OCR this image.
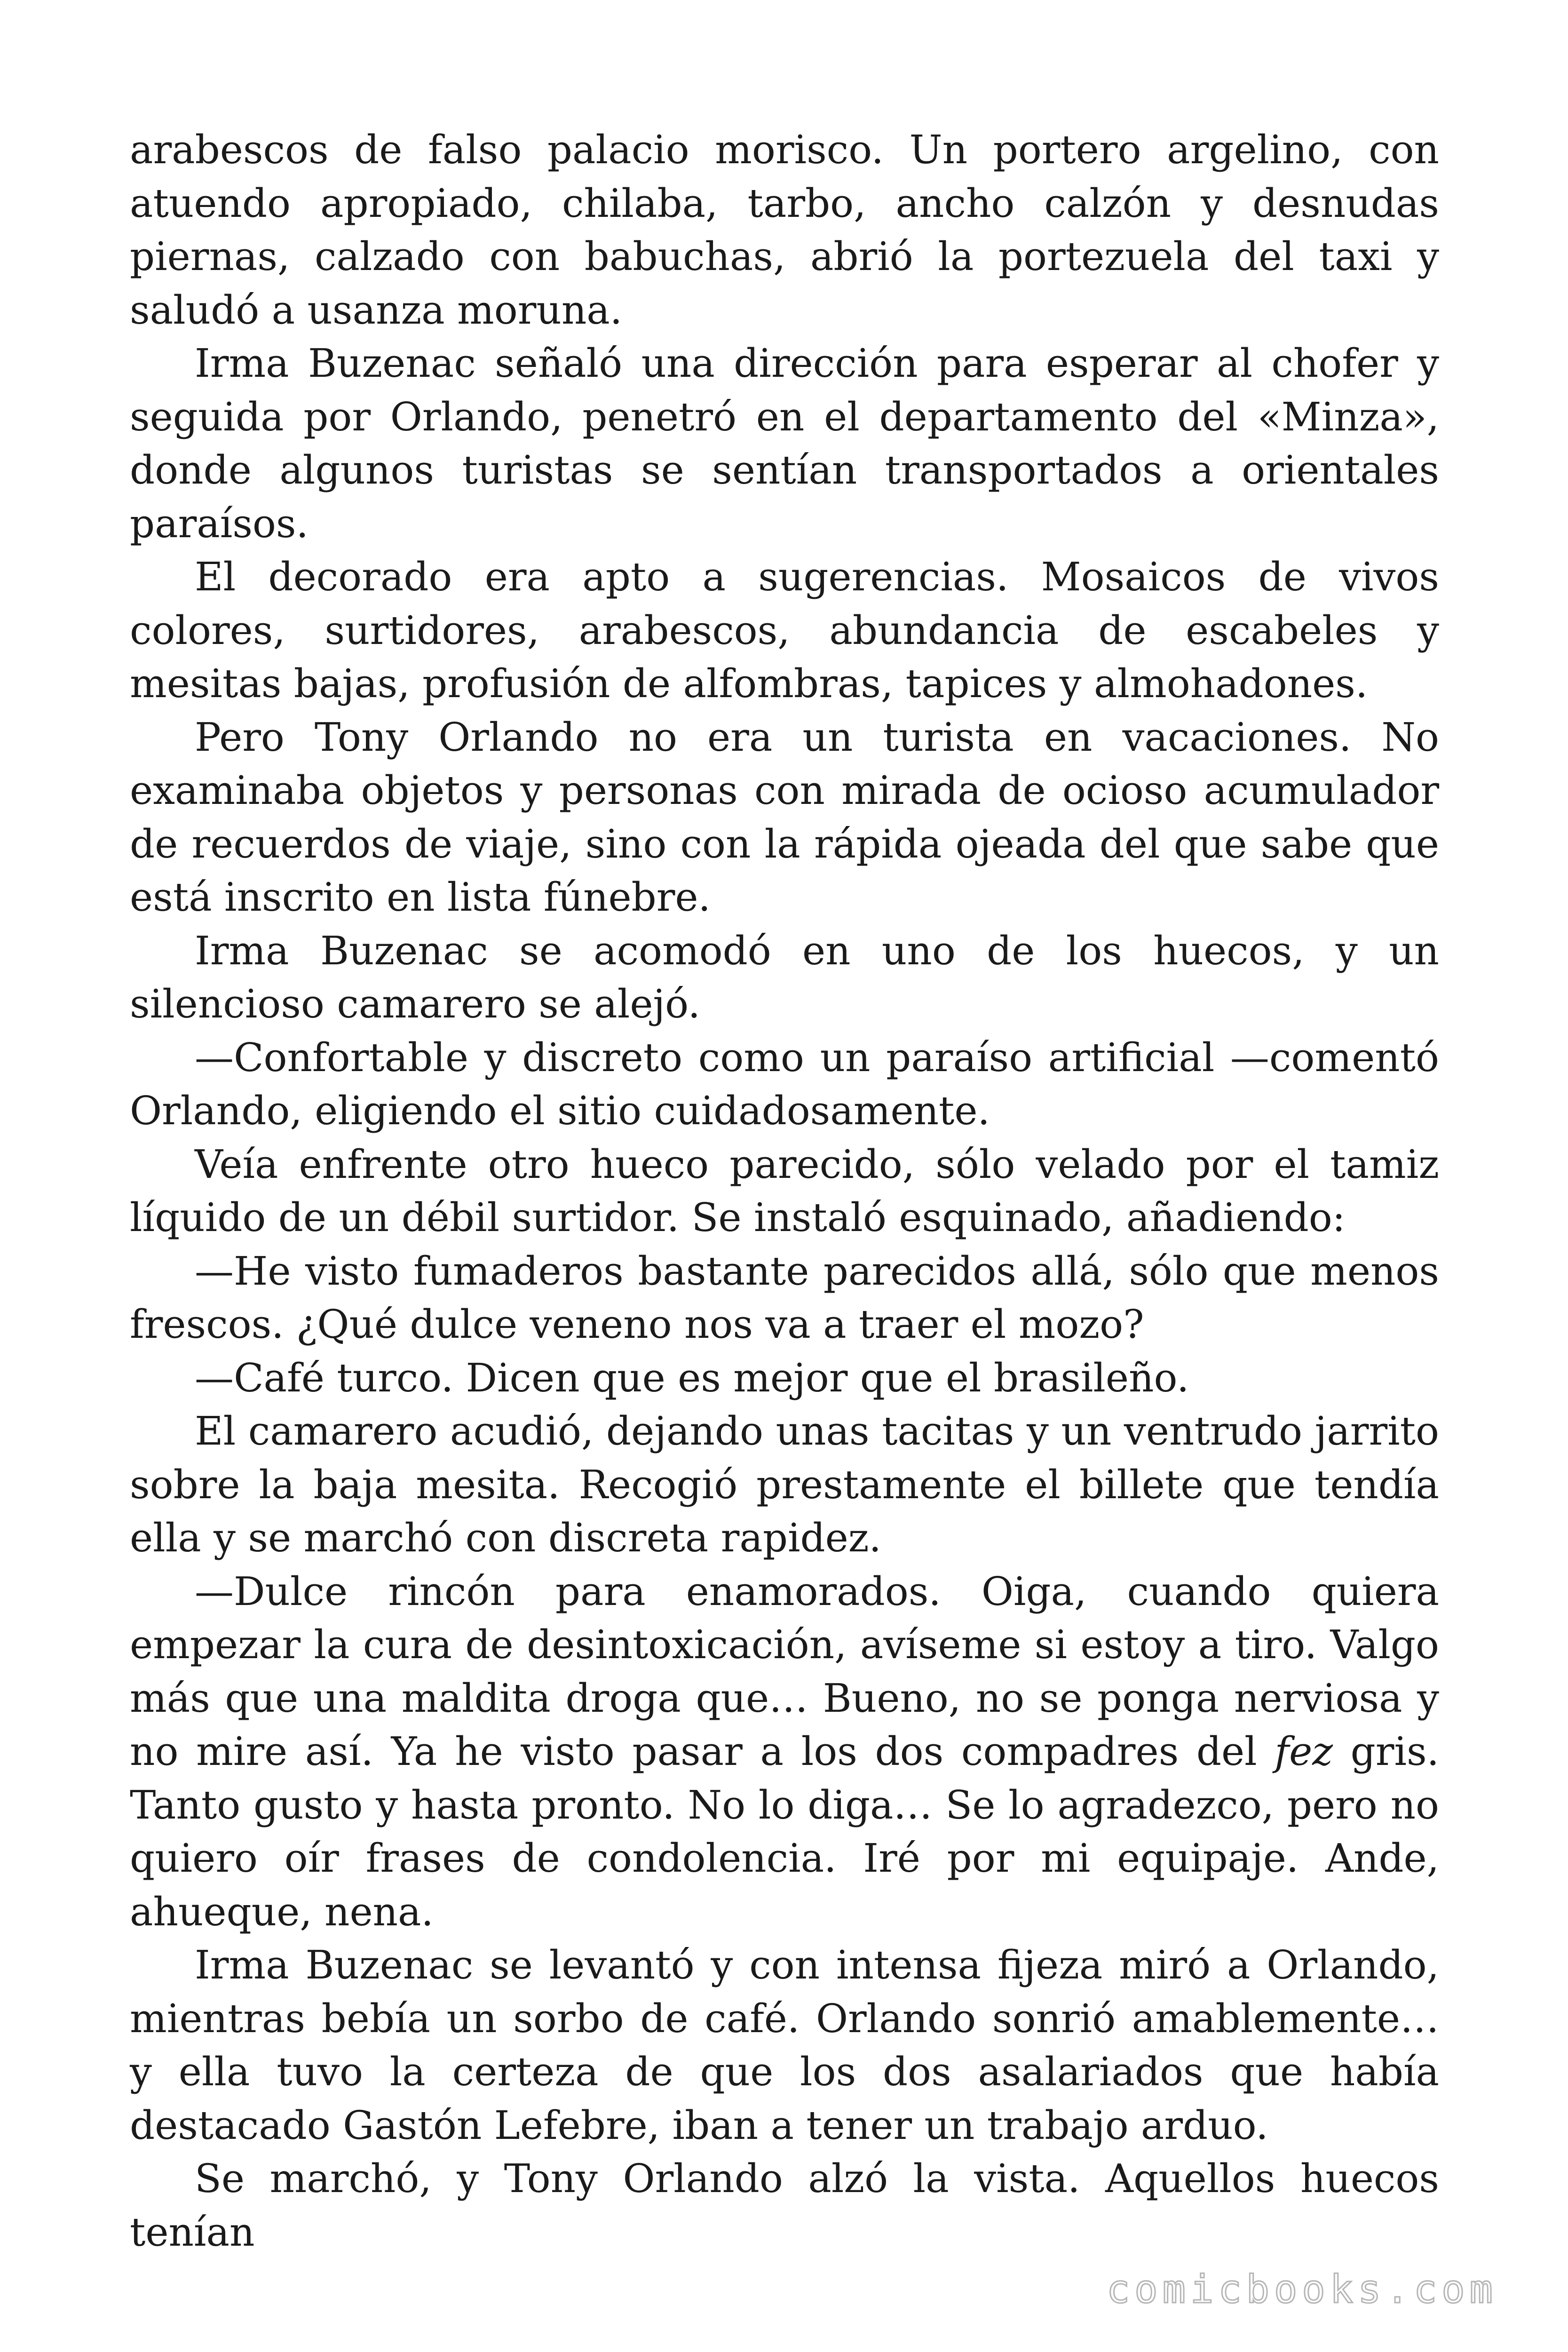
arabescos de falso palacio morisco. Un portero argelino, con atuendo apropiado, chilaba, tarbo, ancho calzón y desnudas piernas, calzado con babuchas, abrió la portezuela del taxi y saludó a usanza moruna.

Irma Buzenac señaló una dirección para esperar al chofer y seguida por Orlando, penetró en el departamento del «Minza», donde algunos turistas se sentían transportados a orientales paraísos.

El decorado era apto a sugerencias. Mosaicos de vivos colores, surtidores, arabescos, abundancia de escabeles y mesitas bajas, profusión de alfombras, tapices y almohadones.

Pero Tony Orlando no era un turista en vacaciones. No examinaba objetos y personas con mirada de ocioso acumulador de recuerdos de viaje, sino con la rápida ojeada del que sabe que está inscrito en lista fúnebre.

Irma Buzenac se acomodó en uno de los huecos, y un silencioso camarero se alejó.

—Confortable y discreto como un paraíso artificial —comentó Orlando, eligiendo el sitio cuidadosamente.

Veía enfrente otro hueco parecido, sólo velado por el tamiz líquido de un débil surtidor. Se instaló esquinado, añadiendo:

—He visto fumaderos bastante parecidos allá, sólo que menos frescos. ¿Qué dulce veneno nos va a traer el mozo?

—Café turco. Dicen que es mejor que el brasileño.

El camarero acudió, dejando unas tacitas y un ventrudo jarrito sobre la baja mesita. Recogió prestamente el billete que tendía ella y se marchó con discreta rapidez.

—Dulce rincón para enamorados. Oiga, cuando quiera empezar la cura de desintoxicación, avíseme si estoy a tiro. Valgo más que una maldita droga que… Bueno, no se ponga nerviosa y no mire así. Ya he visto pasar a los dos compadres del fez gris. Tanto gusto y hasta pronto. No lo diga… Se lo agradezco, pero no quiero oír frases de condolencia. Iré por mi equipaje. Ande, ahueque, nena.

Irma Buzenac se levantó y con intensa fijeza miró a Orlando, mientras bebía un sorbo de café. Orlando sonrió amablemente… y ella tuvo la certeza de que los dos asalariados que había destacado Gastón Lefebre, iban a tener un trabajo arduo.

Se marchó, y Tony Orlando alzó la vista. Aquellos huecos tenían

comicbooks.com
